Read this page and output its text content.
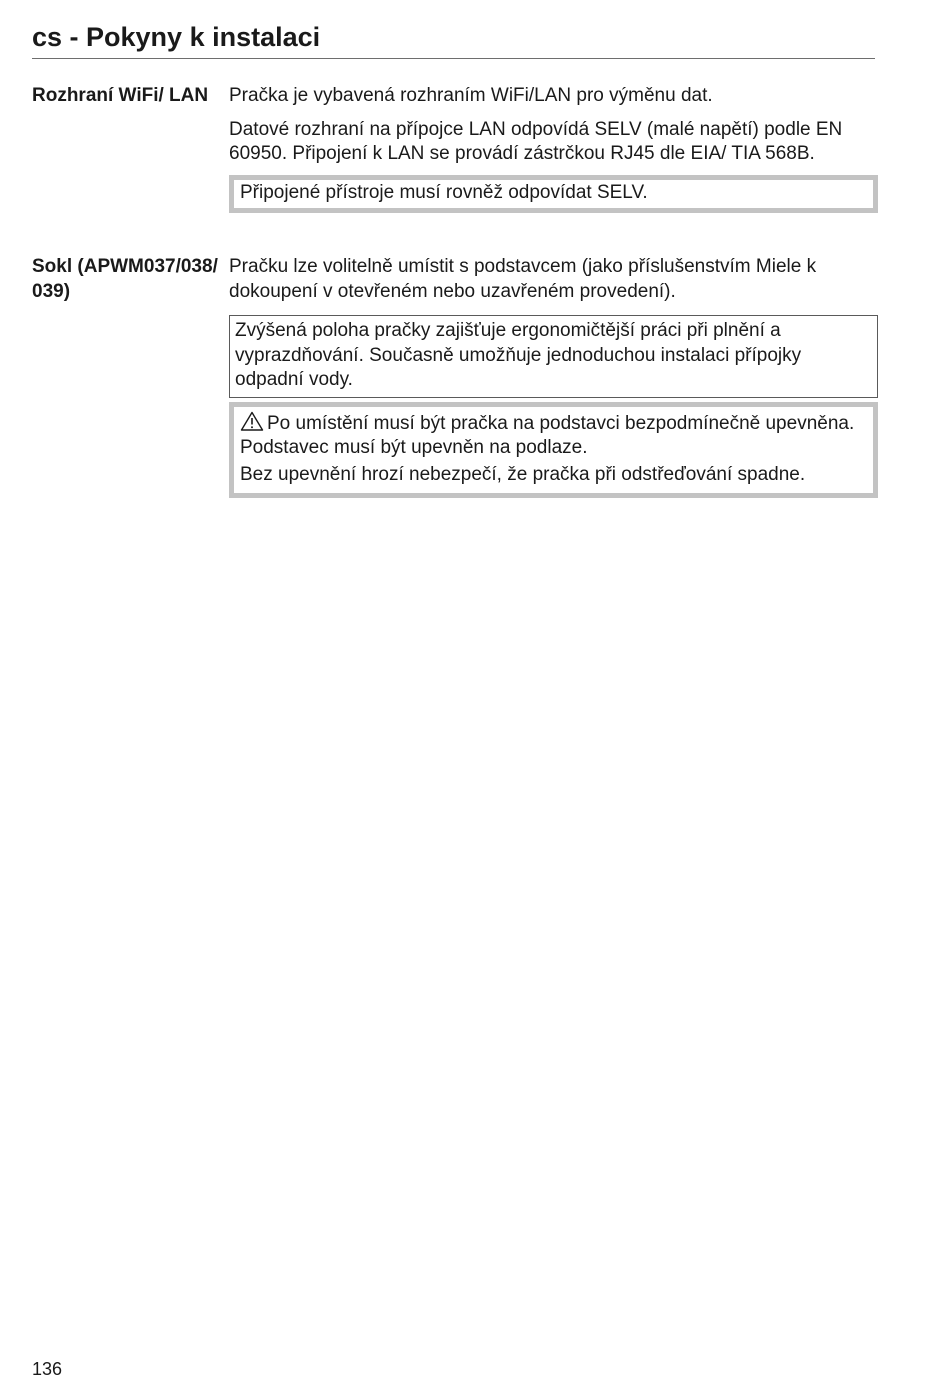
cs - Pokyny k instalaci
Rozhraní WiFi/ LAN	Pračka je vybavená rozhraním WiFi/LAN pro výměnu dat.

Datové rozhraní na přípojce LAN odpovídá SELV (malé napětí) podle EN 60950. Připojení k LAN se provádí zástrčkou RJ45 dle EIA/ TIA 568B.

Připojené přístroje musí rovněž odpovídat SELV.

Sokl (APWM037/038/039)

Pračku lze volitelně umístit s podstavcem (jako příslušenstvím Miele k dokoupení v otevřeném nebo uzavřeném provedení).

Zvýšená poloha pračky zajišťuje ergonomičtější práci při plnění a vyprazdňování. Současně umožňuje jednoduchou instalaci přípojky odpadní vody.

Po umístění musí být pračka na podstavci bezpodmínečně upevněna. Podstavec musí být upevněn na podlaze.

Bez upevnění hrozí nebezpečí, že pračka při odstřeďování spadne.

136
